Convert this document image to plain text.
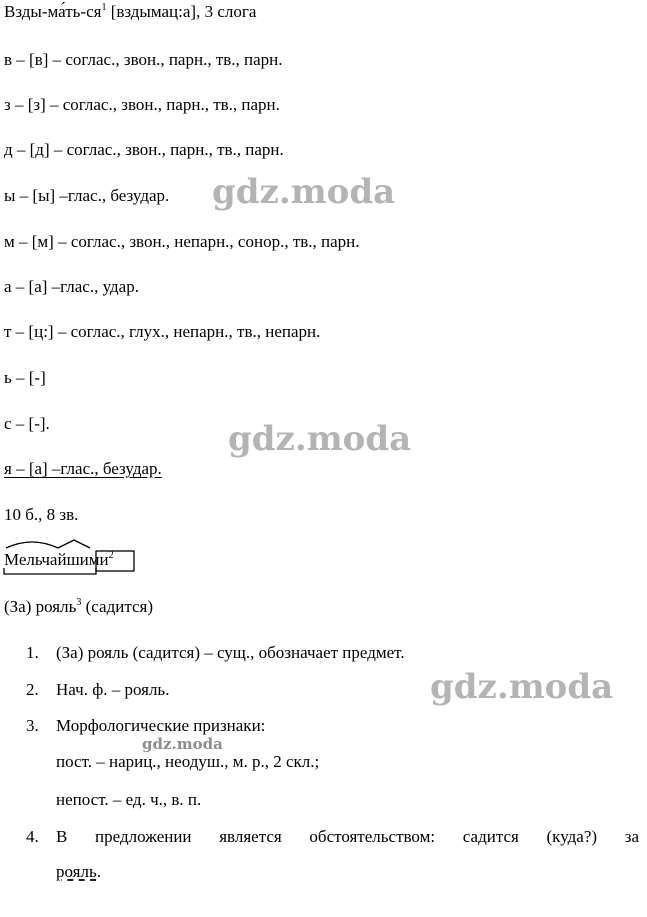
Взды-$ма́ть-ся^1$ [вздымац:а], 3 слога
в – [в] – соглас., звон., парн., тв., парн.
з – [з] – соглас., звон., парн., тв., парн.
д – [д] – соглас., звон., парн., тв., парн.
ы – [ы] –глас., безудар.
м – [м] – соглас., звон., непарн., сонор., тв., парн.
а – [а] –глас., удар.
т – [ц:] – соглас., глух., непарн., тв., непарн.
ь – [-]
с – [-].
я – [а] –глас., безудар.
10 б., 8 зв.
Мельчайшими$^2$
(За) рояль$^3$ (садится)
1. (За) рояль (садится) – сущ., обозначает предмет.
2. Нач. ф. – рояль.
3. Морфологические признаки:
пост. – нариц., неодуш., м. р., 2 скл.;
непост. – ед. ч., в. п.
4. В предложении является обстоятельством: садится (куда?) за
рояль.
gdz.moda
gdz.moda
gdz.moda
gdz.moda
